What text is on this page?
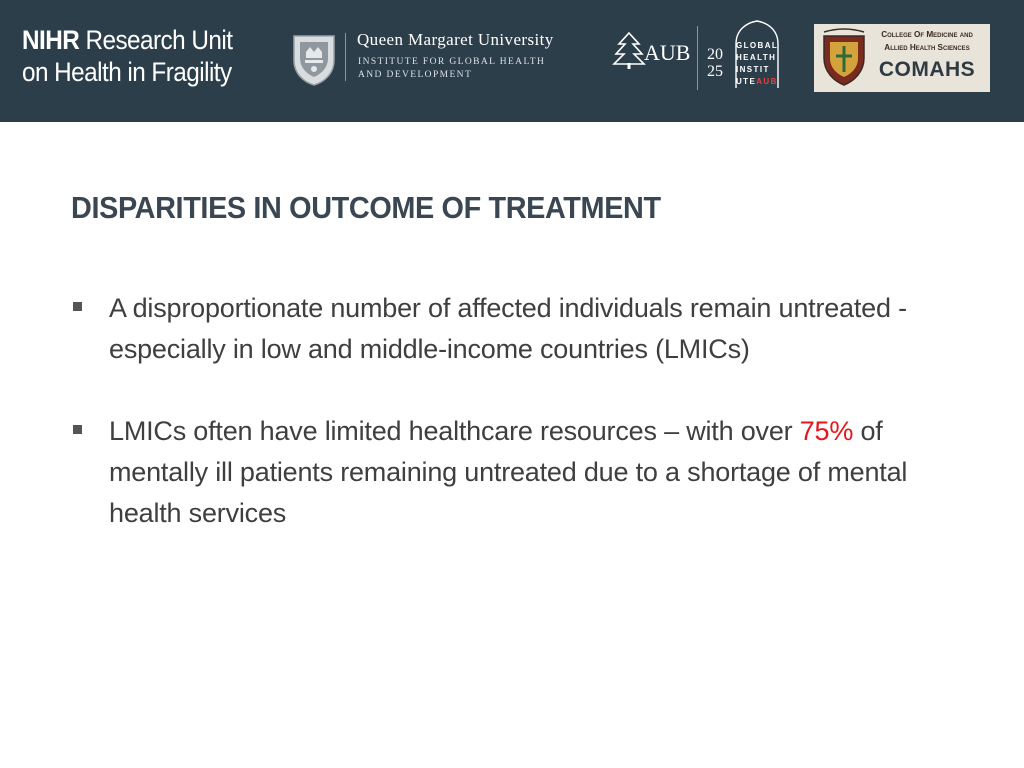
NIHR Research Unit
on Health in Fragility
Queen Margaret University
INSTITUTE FOR GLOBAL HEALTH
AND DEVELOPMENT
AUB 20
25
GLOBAL
HEALTH
INSTIT
UTEAUB
College Of Medicine and
Allied Health Sciences
COMAHS
DISPARITIES IN OUTCOME OF TREATMENT
A disproportionate number of affected individuals remain untreated - especially in low and middle-income countries (LMICs)
LMICs often have limited healthcare resources – with over 75% of mentally ill patients remaining untreated due to a shortage of mental health services
